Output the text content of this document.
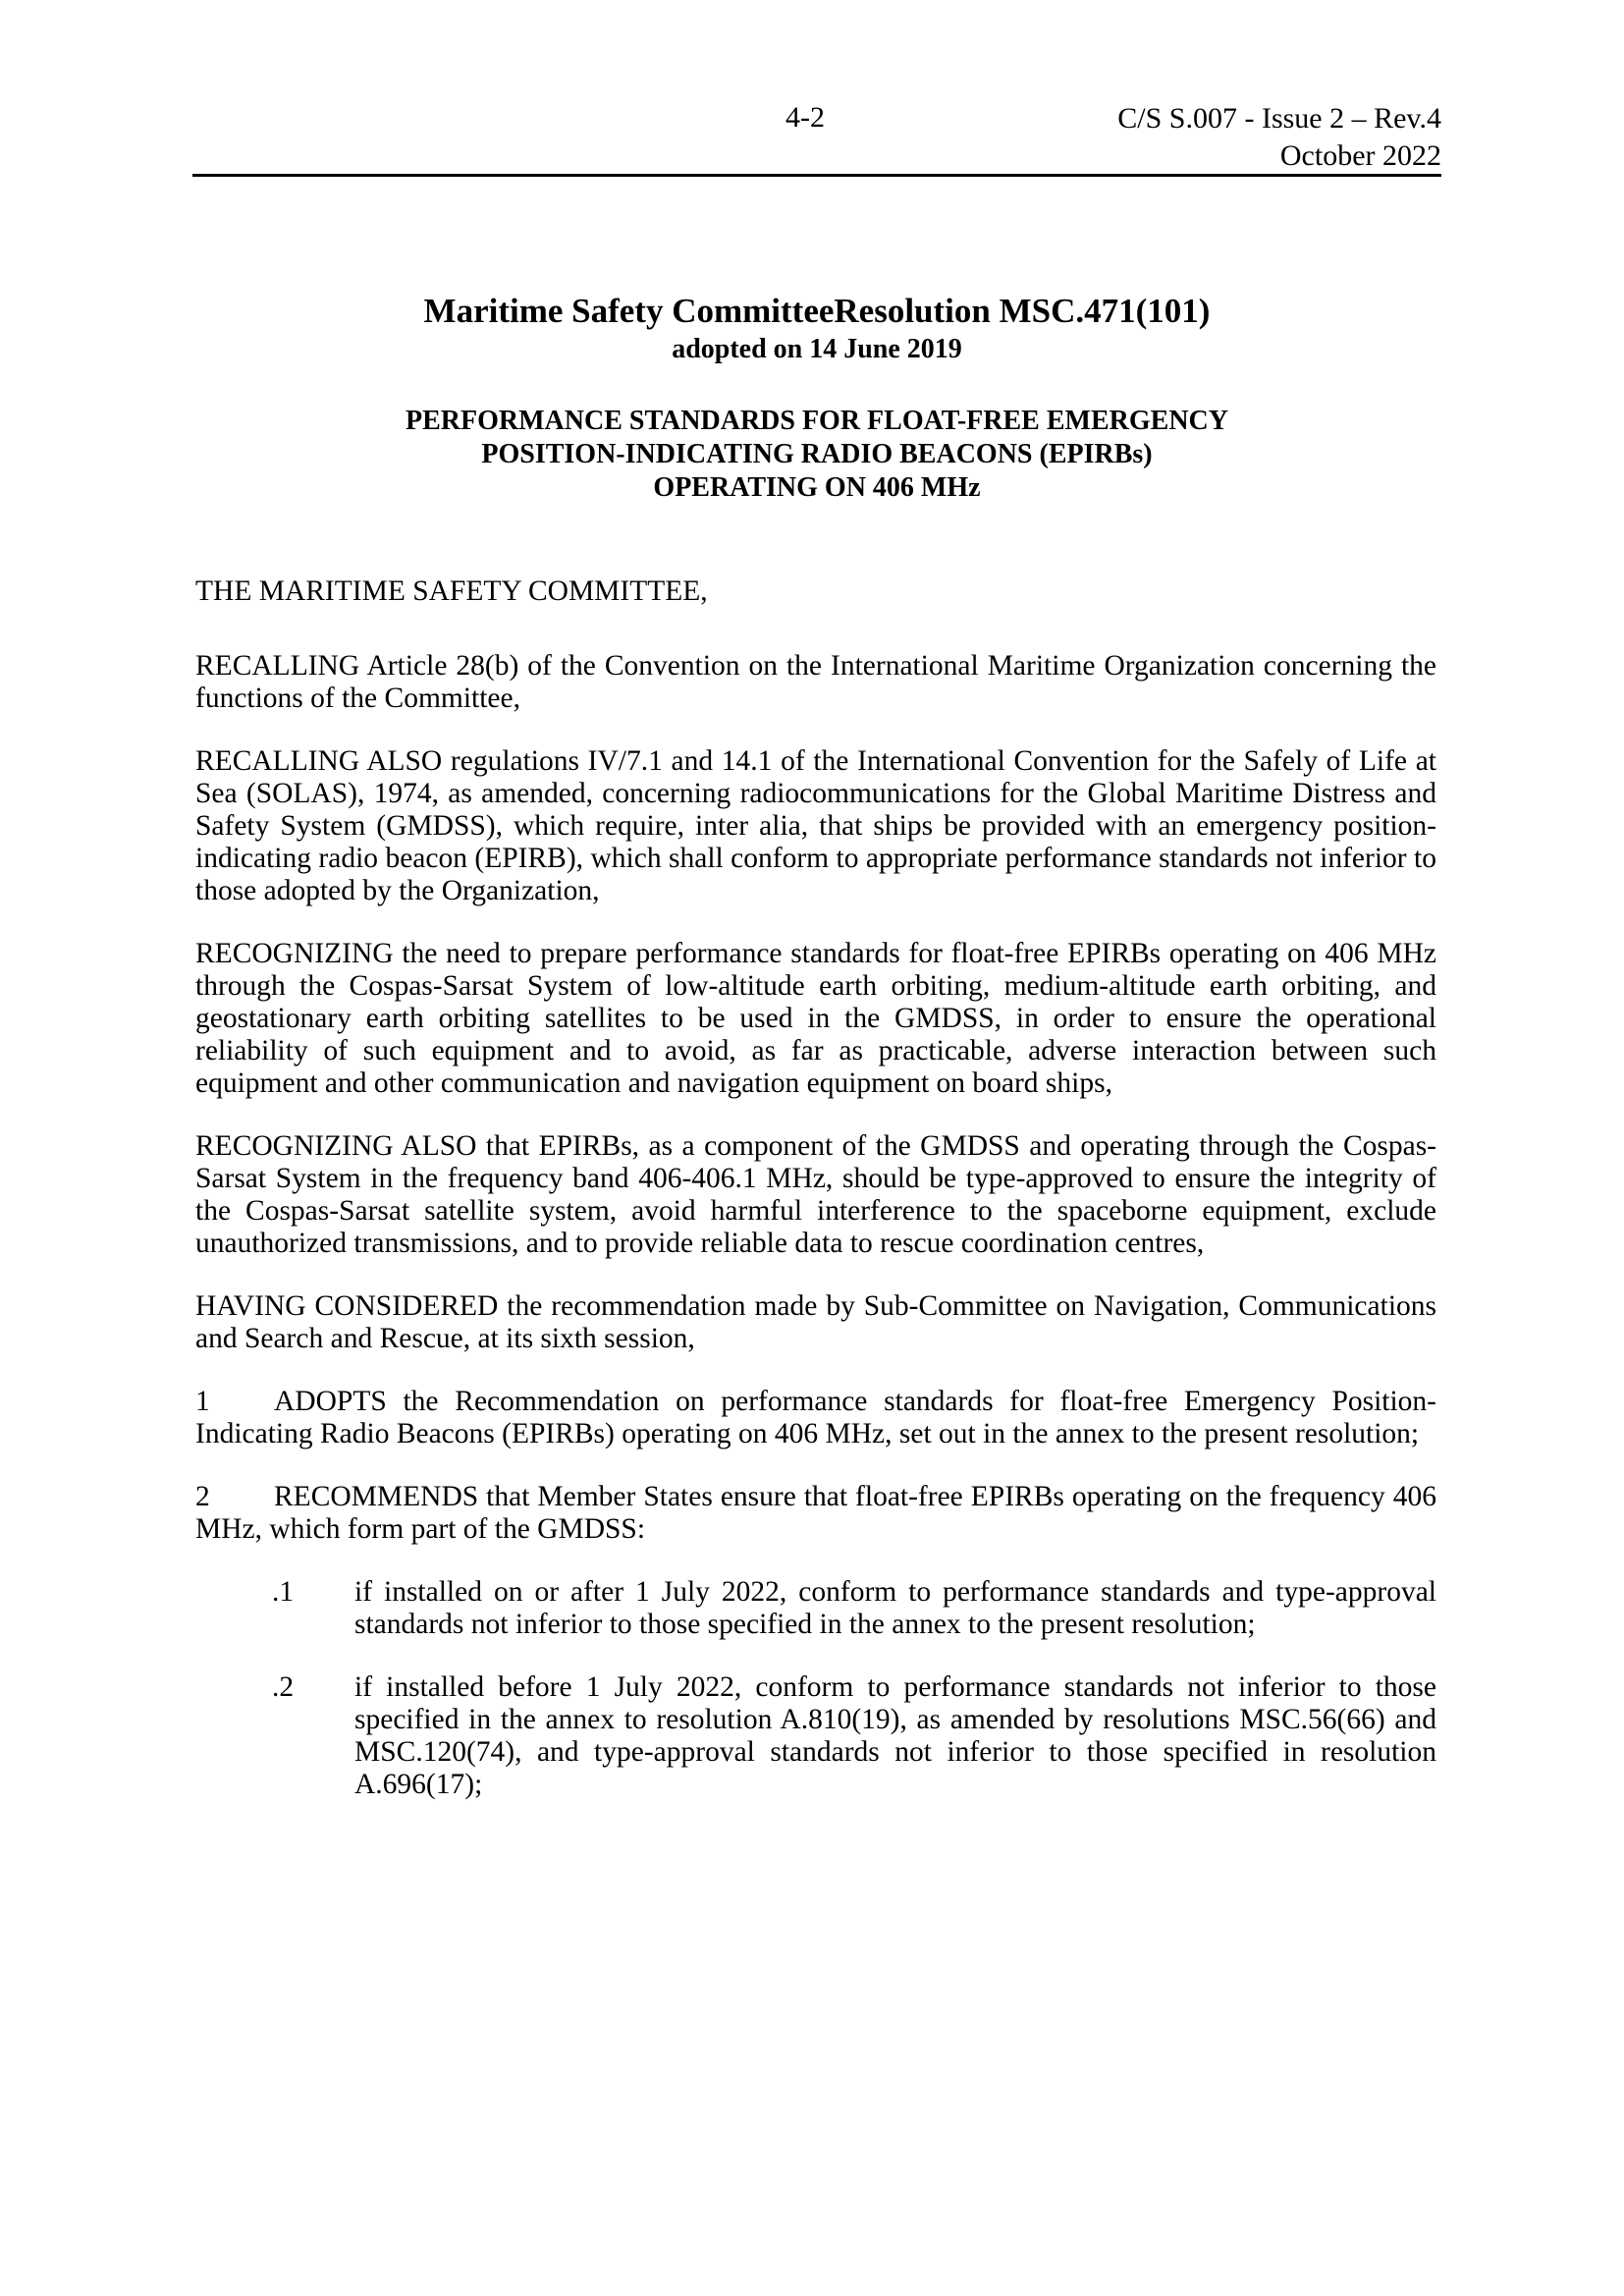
4-2	C/S S.007 - Issue 2 – Rev.4
October 2022
Maritime Safety CommitteeResolution MSC.471(101)
adopted on 14 June 2019
PERFORMANCE STANDARDS FOR FLOAT-FREE EMERGENCY
POSITION-INDICATING RADIO BEACONS (EPIRBs)
OPERATING ON 406 MHz

THE MARITIME SAFETY COMMITTEE,

RECALLING Article 28(b) of the Convention on the International Maritime Organization concerning the functions of the Committee,

RECALLING ALSO regulations IV/7.1 and 14.1 of the International Convention for the Safely of Life at Sea (SOLAS), 1974, as amended, concerning radiocommunications for the Global Maritime Distress and Safety System (GMDSS), which require, inter alia, that ships be provided with an emergency position-indicating radio beacon (EPIRB), which shall conform to appropriate performance standards not inferior to those adopted by the Organization,

RECOGNIZING the need to prepare performance standards for float-free EPIRBs operating on 406 MHz through the Cospas-Sarsat System of low-altitude earth orbiting, medium-altitude earth orbiting, and geostationary earth orbiting satellites to be used in the GMDSS, in order to ensure the operational reliability of such equipment and to avoid, as far as practicable, adverse interaction between such equipment and other communication and navigation equipment on board ships,

RECOGNIZING ALSO that EPIRBs, as a component of the GMDSS and operating through the Cospas-Sarsat System in the frequency band 406-406.1 MHz, should be type-approved to ensure the integrity of the Cospas-Sarsat satellite system, avoid harmful interference to the spaceborne equipment, exclude unauthorized transmissions, and to provide reliable data to rescue coordination centres,

HAVING CONSIDERED the recommendation made by Sub-Committee on Navigation, Communications and Search and Rescue, at its sixth session,

1 ADOPTS the Recommendation on performance standards for float-free Emergency Position-Indicating Radio Beacons (EPIRBs) operating on 406 MHz, set out in the annex to the present resolution;

2 RECOMMENDS that Member States ensure that float-free EPIRBs operating on the frequency 406 MHz, which form part of the GMDSS:

.1	if installed on or after 1 July 2022, conform to performance standards and type-approval standards not inferior to those specified in the annex to the present resolution;
.2	if installed before 1 July 2022, conform to performance standards not inferior to those specified in the annex to resolution A.810(19), as amended by resolutions MSC.56(66) and MSC.120(74), and type-approval standards not inferior to those specified in resolution A.696(17);
